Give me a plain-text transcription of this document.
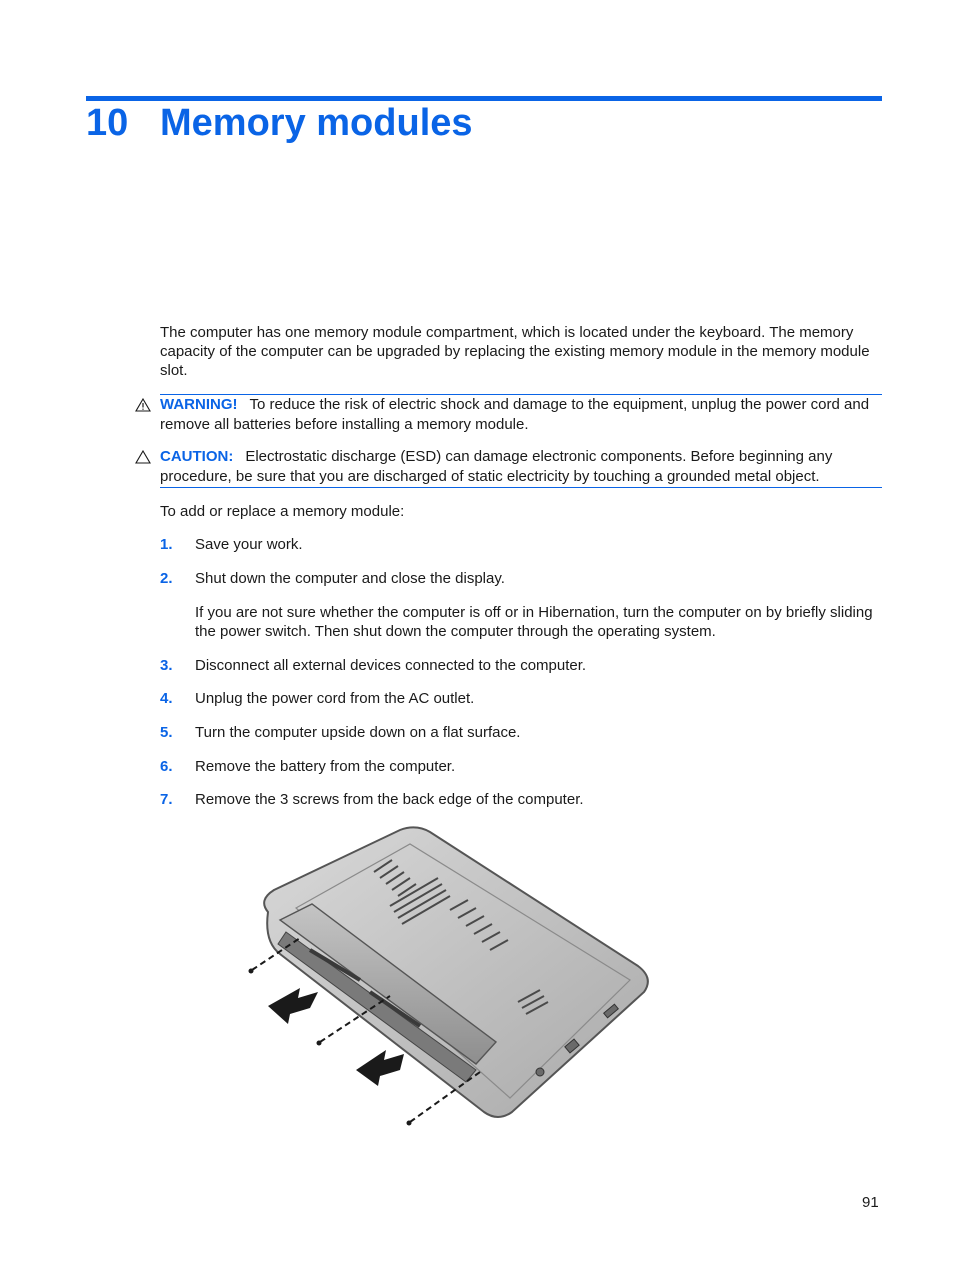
10 Memory modules

The computer has one memory module compartment, which is located under the keyboard. The memory capacity of the computer can be upgraded by replacing the existing memory module in the memory module slot.

WARNING! To reduce the risk of electric shock and damage to the equipment, unplug the power cord and remove all batteries before installing a memory module.

CAUTION: Electrostatic discharge (ESD) can damage electronic components. Before beginning any procedure, be sure that you are discharged of static electricity by touching a grounded metal object.

To add or replace a memory module:

1. Save your work.

2. Shut down the computer and close the display.

If you are not sure whether the computer is off or in Hibernation, turn the computer on by briefly sliding the power switch. Then shut down the computer through the operating system.

3. Disconnect all external devices connected to the computer.

4. Unplug the power cord from the AC outlet.

5. Turn the computer upside down on a flat surface.

6. Remove the battery from the computer.

7. Remove the 3 screws from the back edge of the computer.

91
